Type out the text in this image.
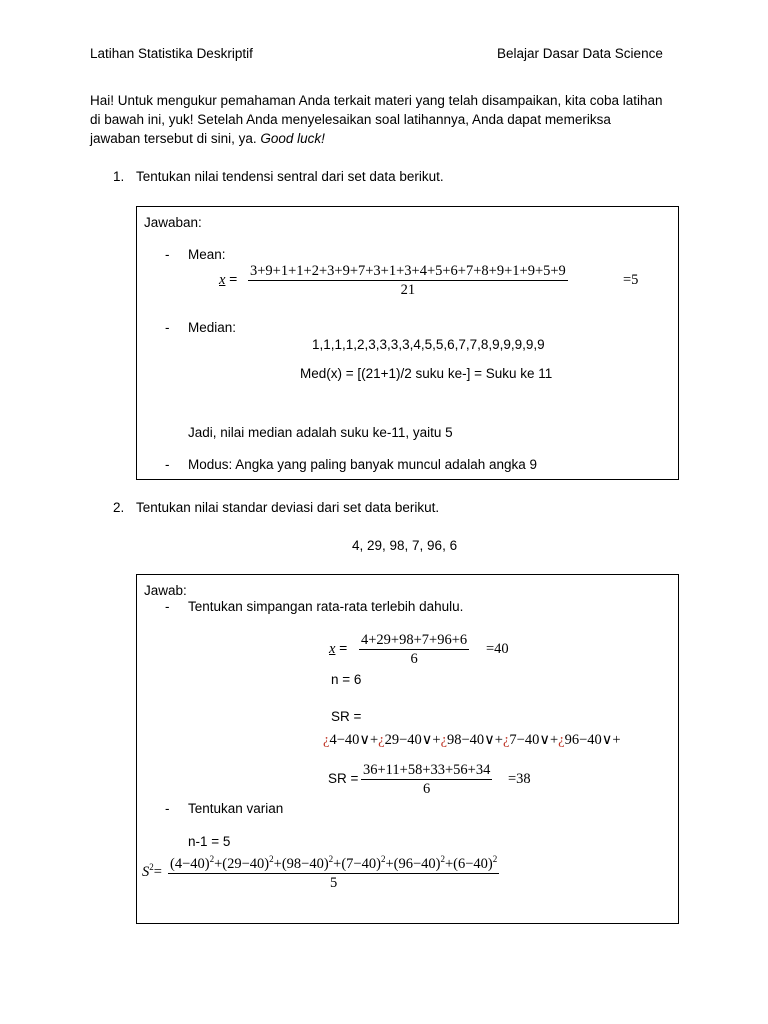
Latihan Statistika Deskriptif	Belajar Dasar Data Science
Hai! Untuk mengukur pemahaman Anda terkait materi yang telah disampaikan, kita coba latihan
di bawah ini, yuk! Setelah Anda menyelesaikan soal latihannya, Anda dapat memeriksa
jawaban tersebut di sini, ya. Good luck!
1. Tentukan nilai tendensi sentral dari set data berikut.
Jawaban:
- Mean:
$x = \frac{3+9+1+1+2+3+9+7+3+1+3+4+5+6+7+8+9+1+9+5+9}{21}$	=5
- Median:
1,1,1,1,2,3,3,3,3,4,5,5,6,7,7,8,9,9,9,9,9
Med(x) = [(21+1)/2 suku ke-] = Suku ke 11
Jadi, nilai median adalah suku ke-11, yaitu 5
- Modus: Angka yang paling banyak muncul adalah angka 9
2. Tentukan nilai standar deviasi dari set data berikut.
4, 29, 98, 7, 96, 6
Jawab:
- Tentukan simpangan rata-rata terlebih dahulu.
$x = \frac{4+29+98+7+96+6}{6} =40$
n = 6
SR =
¿4−40∨+¿29−40∨+¿98−40∨+¿7−40∨+¿96−40∨+
SR = $\frac{36+11+58+33+56+34}{6} =38$
- Tentukan varian
n-1 = 5
$S^2= \frac{(4-40)^2+(29-40)^2+(98-40)^2+(7-40)^2+(96-40)^2+(6-40)^2}{5}$
